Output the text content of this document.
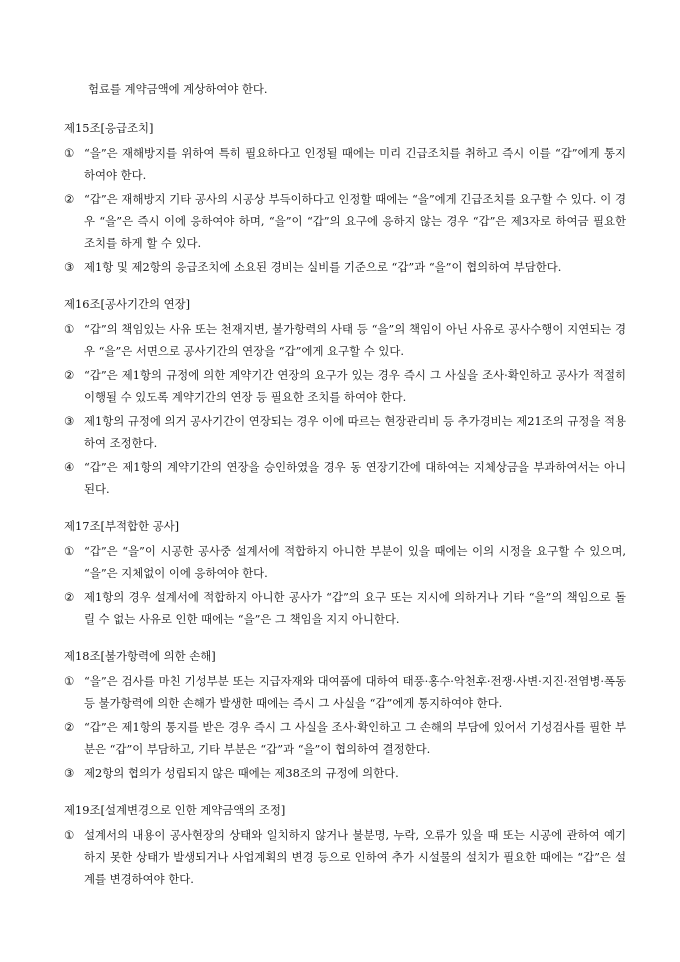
험료를 계약금액에 계상하여야 한다.
제15조[응급조치]
① “을”은 재해방지를 위하여 특히 필요하다고 인정될 때에는 미리 긴급조치를 취하고 즉시 이를 “갑”에게 통지하여야 한다.
② “갑”은 재해방지 기타 공사의 시공상 부득이하다고 인정할 때에는 “을”에게 긴급조치를 요구할 수 있다. 이 경우 “을”은 즉시 이에 응하여야 하며, “을”이 “갑”의 요구에 응하지 않는 경우 “갑”은 제3자로 하여금 필요한 조치를 하게 할 수 있다.
③ 제1항 및 제2항의 응급조치에 소요된 경비는 실비를 기준으로 “갑”과 “을”이 협의하여 부담한다.
제16조[공사기간의 연장]
① “갑”의 책임있는 사유 또는 천재지변, 불가항력의 사태 등 “을”의 책임이 아닌 사유로 공사수행이 지연되는 경우 “을”은 서면으로 공사기간의 연장을 “갑”에게 요구할 수 있다.
② “갑”은 제1항의 규정에 의한 계약기간 연장의 요구가 있는 경우 즉시 그 사실을 조사·확인하고 공사가 적절히 이행될 수 있도록 계약기간의 연장 등 필요한 조치를 하여야 한다.
③ 제1항의 규정에 의거 공사기간이 연장되는 경우 이에 따르는 현장관리비 등 추가경비는 제21조의 규정을 적용하여 조정한다.
④ “갑”은 제1항의 계약기간의 연장을 승인하였을 경우 동 연장기간에 대하여는 지체상금을 부과하여서는 아니된다.
제17조[부적합한 공사]
① “갑”은 “을”이 시공한 공사중 설계서에 적합하지 아니한 부분이 있을 때에는 이의 시정을 요구할 수 있으며, “을”은 지체없이 이에 응하여야 한다.
② 제1항의 경우 설계서에 적합하지 아니한 공사가 “갑”의 요구 또는 지시에 의하거나 기타 “을”의 책임으로 돌릴 수 없는 사유로 인한 때에는 “을”은 그 책임을 지지 아니한다.
제18조[불가항력에 의한 손해]
① “을”은 검사를 마친 기성부분 또는 지급자재와 대여품에 대하여 태풍·홍수·악천후·전쟁·사변·지진·전염병·폭동 등 불가항력에 의한 손해가 발생한 때에는 즉시 그 사실을 “갑”에게 통지하여야 한다.
② “갑”은 제1항의 통지를 받은 경우 즉시 그 사실을 조사·확인하고 그 손해의 부담에 있어서 기성검사를 필한 부분은 “갑”이 부담하고, 기타 부분은 “갑”과 “을”이 협의하여 결정한다.
③ 제2항의 협의가 성립되지 않은 때에는 제38조의 규정에 의한다.
제19조[설계변경으로 인한 계약금액의 조정]
① 설계서의 내용이 공사현장의 상태와 일치하지 않거나 불분명, 누락, 오류가 있을 때 또는 시공에 관하여 예기하지 못한 상태가 발생되거나 사업계획의 변경 등으로 인하여 추가 시설물의 설치가 필요한 때에는 “갑”은 설계를 변경하여야 한다.
